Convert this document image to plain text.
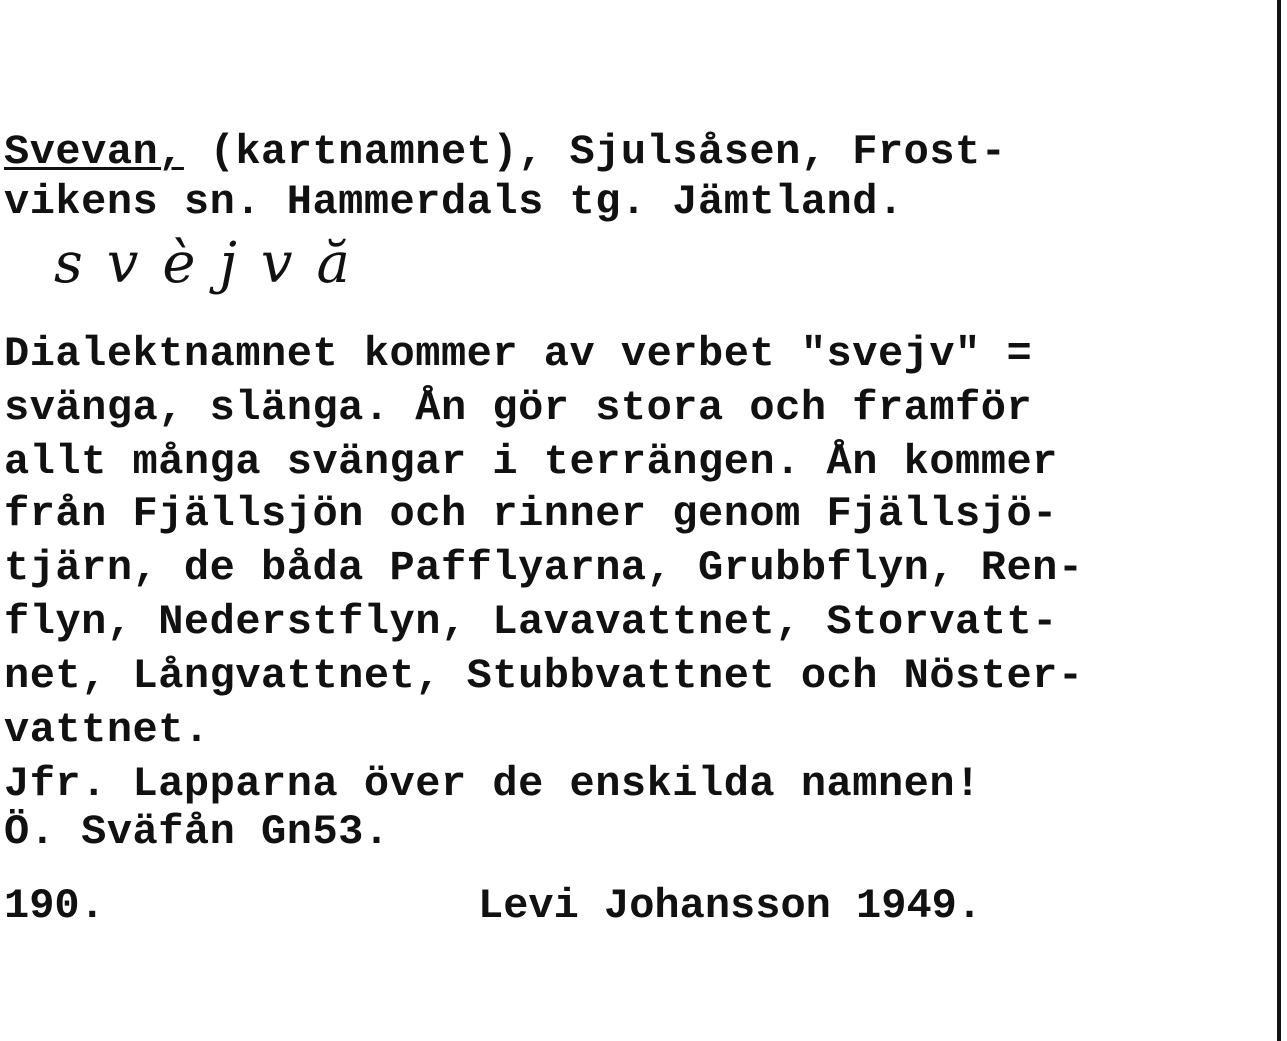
Svevan, (kartnamnet), Sjulsåsen, Frost-
vikens sn. Hammerdals tg. Jämtland.
svèjvă
Dialektnamnet kommer av verbet "svejv" =
svänga, slänga. Ån gör stora och framför
allt många svängar i terrängen. Ån kommer
från Fjällsjön och rinner genom Fjällsjö-
tjärn, de båda Pafflyarna, Grubbflyn, Ren-
flyn, Nederstflyn, Lavavattnet, Storvatt-
net, Långvattnet, Stubbvattnet och Nöster-
vattnet.
Jfr. Lapparna över de enskilda namnen!
Ö. Sväfån Gn53.
190.	Levi Johansson 1949.
